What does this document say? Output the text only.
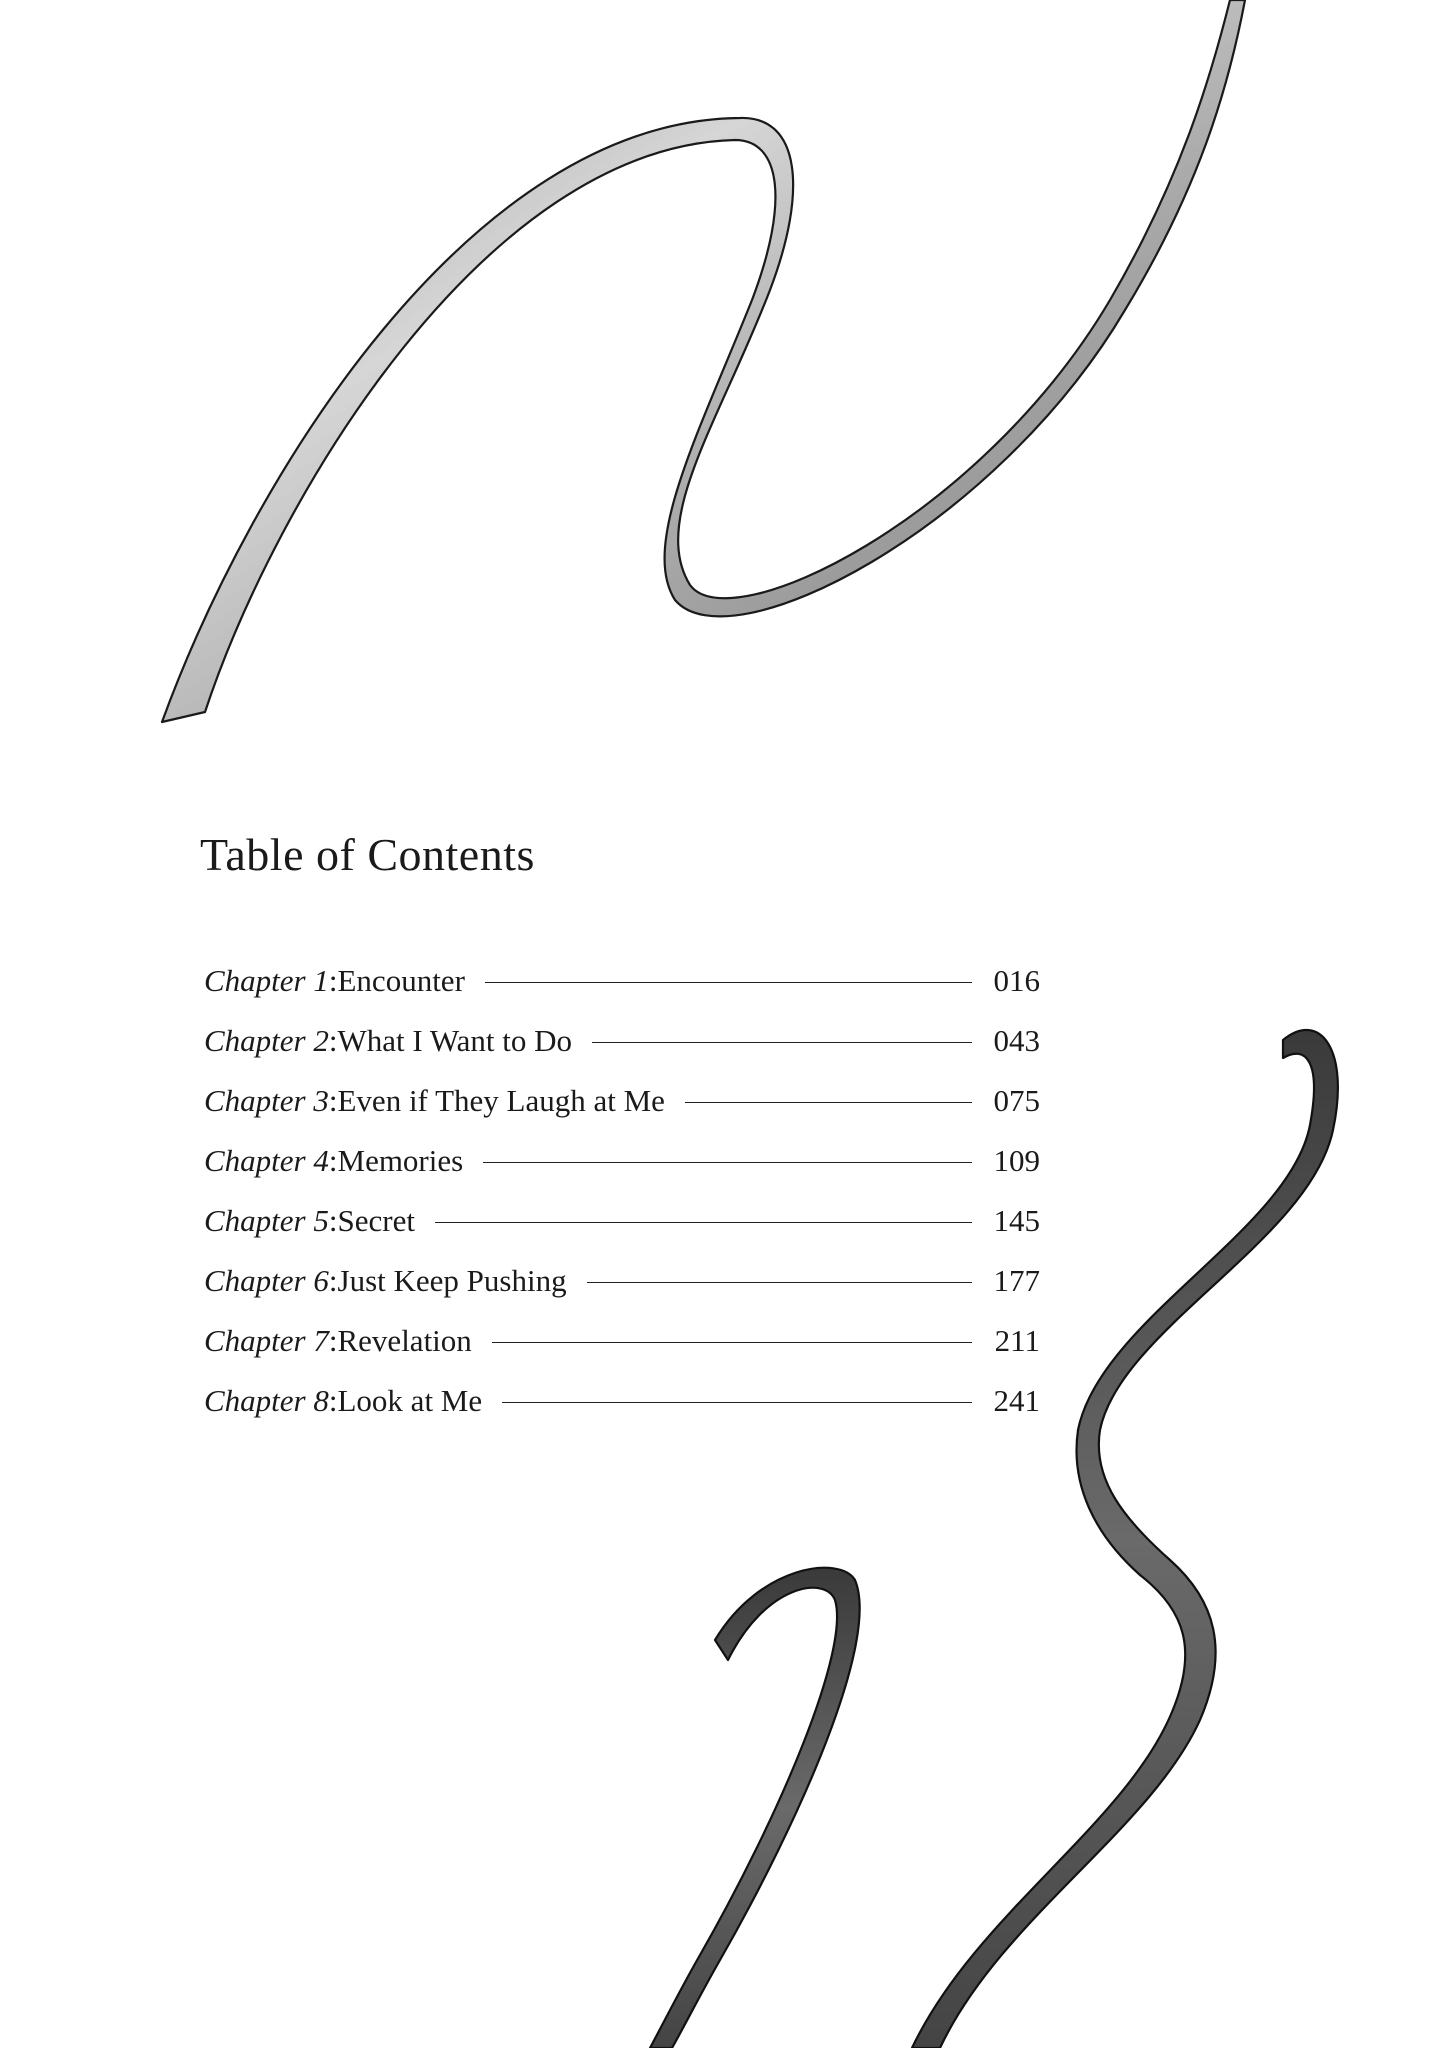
Table of Contents
Chapter 1 : Encounter	016
Chapter 2 : What I Want to Do	043
Chapter 3 : Even if They Laugh at Me	075
Chapter 4 : Memories	109
Chapter 5 : Secret	145
Chapter 6 : Just Keep Pushing	177
Chapter 7 : Revelation	211
Chapter 8 : Look at Me	241
